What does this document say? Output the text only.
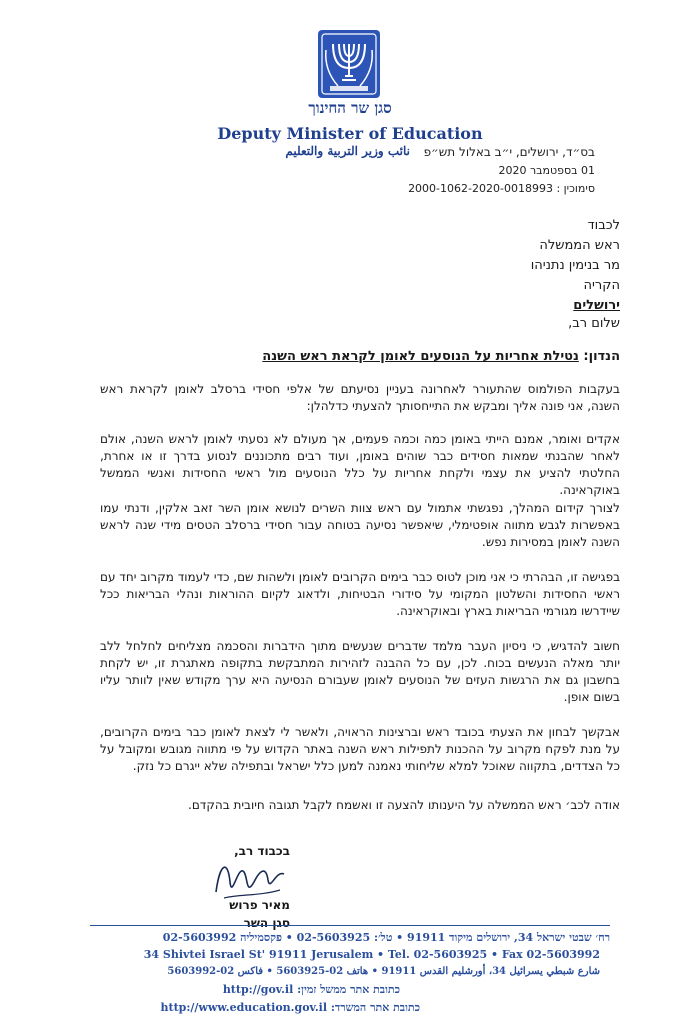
סגן שר החינוך
Deputy Minister of Education
نائب وزير التربية والتعليم	בס״ד, ירושלים, י״ב באלול תש״פ
01 בספטמבר 2020
סימוכין : 2000-1062-2020-0018993
לכבוד
ראש הממשלה
מר בנימין נתניהו
הקריה
ירושלים
שלום רב,
הנדון: נטילת אחריות על הנוסעים לאומן לקראת ראש השנה
בעקבות הפולמוס שהתעורר לאחרונה בעניין נסיעתם של אלפי חסידי ברסלב לאומן לקראת ראש השנה, אני פונה אליך ומבקש את התייחסותך להצעתי כדלהלן:
אקדים ואומר, אמנם הייתי באומן כמה וכמה פעמים, אך מעולם לא נסעתי לאומן לראש השנה, אולם לאחר שהבנתי שמאות חסידים כבר שוהים באומן, ועוד רבים מתכוננים לנסוע בדרך זו או אחרת, החלטתי להציע את עצמי ולקחת אחריות על כלל הנוסעים מול ראשי החסידות ואנשי הממשל באוקראינה.
לצורך קידום המהלך, נפגשתי אתמול עם ראש צוות השרים לנושא אומן השר זאב אלקין, ודנתי עמו באפשרות לגבש מתווה אופטימלי, שיאפשר נסיעה בטוחה עבור חסידי ברסלב הטסים מידי שנה לראש השנה לאומן במסירות נפש.
בפגישה זו, הבהרתי כי אני מוכן לטוס כבר בימים הקרובים לאומן ולשהות שם, כדי לעמוד מקרוב יחד עם ראשי החסידות והשלטון המקומי על סידורי הבטיחות, ולדאוג לקיום ההוראות ונהלי הבריאות ככל שיידרשו מגורמי הבריאות בארץ ובאוקראינה.
חשוב להדגיש, כי ניסיון העבר מלמד שדברים שנעשים מתוך הידברות והסכמה מצליחים לחלחל ללב יותר מאלה הנעשים בכוח. לכן, עם כל ההבנה לזהירות המתבקשת בתקופה מאתגרת זו, יש לקחת בחשבון גם את הרגשות העזים של הנוסעים לאומן שעבורם הנסיעה היא ערך מקודש שאין לוותר עליו בשום אופן.
אבקשך לבחון את הצעתי בכובד ראש וברצינות הראויה, ולאשר לי לצאת לאומן כבר בימים הקרובים, על מנת לפקח מקרוב על ההכנות לתפילות ראש השנה באתר הקדוש על פי מתווה מגובש ומקובל על כל הצדדים, בתקווה שאוכל למלא שליחותי נאמנה למען כלל ישראל ובתפילה שלא ייגרם כל נזק.
אודה לכב׳ ראש הממשלה על היענותו להצעה זו ואשמח לקבל תגובה חיובית בהקדם.
בכבוד רב,
מאיר פרוש
סגן השר
רח׳ שבטי ישראל 34, ירושלים מיקוד 91911 • טל׳: 02-5603925 • פקסמיליה 02-5603992
34 Shivtei Israel St' 91911 Jerusalem • Tel. 02-5603925 • Fax 02-5603992
شارع شبطي يسرائيل 34، أورشليم القدس 91911 • هاتف 02-5603925 • فاكس 02-5603992
כתובת אתר ממשל זמין: http://gov.il
כתובת אתר המשרד: http://www.education.gov.il
